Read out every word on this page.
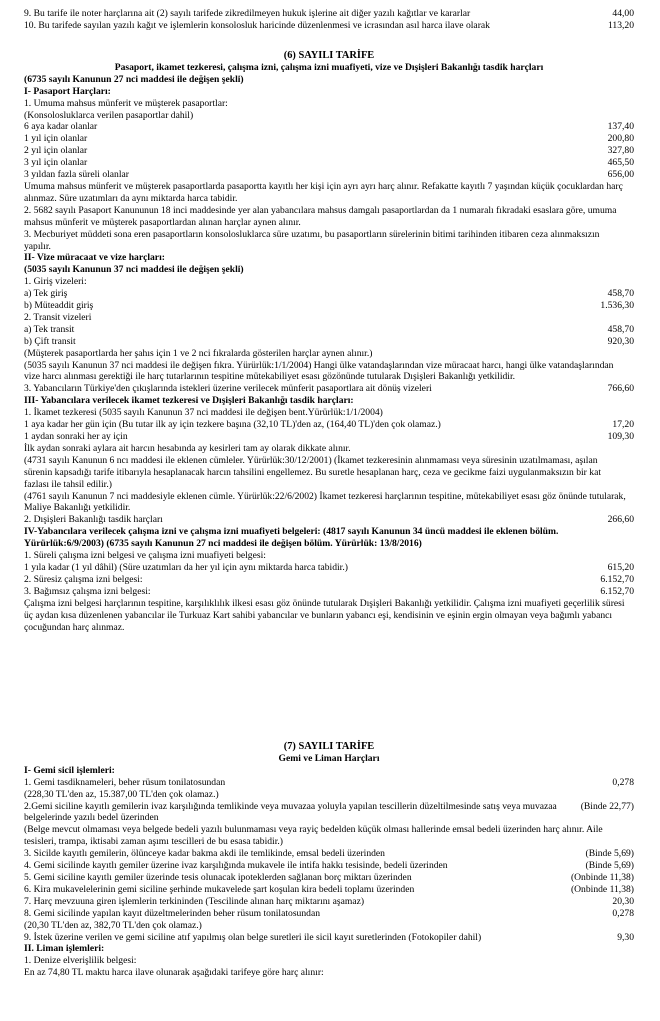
9. Bu tarife ile noter harçlarına ait (2) sayılı tarifede zikredilmeyen hukuk işlerine ait diğer yazılı kağıtlar ve kararlar	44,00
10. Bu tarifede sayılan yazılı kağıt ve işlemlerin konsolosluk haricinde düzenlenmesi ve icrasından asıl harca ilave olarak	113,20

(6) SAYILI TARİFE

Pasaport, ikamet tezkeresi, çalışma izni, çalışma izni muafiyeti, vize ve Dışişleri Bakanlığı tasdik harçları

(6735 sayılı Kanunun 27 nci maddesi ile değişen şekli)

I- Pasaport Harçları:
1. Umuma mahsus münferit ve müşterek pasaportlar:
(Konsolosluklarca verilen pasaportlar dahil)
6 aya kadar olanlar	137,40
1 yıl için olanlar	200,80
2 yıl için olanlar	327,80
3 yıl için olanlar	465,50
3 yıldan fazla süreli olanlar	656,00
Umuma mahsus münferit ve müşterek pasaportlarda pasaportta kayıtlı her kişi için ayrı ayrı harç alınır. Refakatte kayıtlı 7 yaşından küçük çocuklardan harç alınmaz. Süre uzatımları da aynı miktarda harca tabidir.
2. 5682 sayılı Pasaport Kanununun 18 inci maddesinde yer alan yabancılara mahsus damgalı pasaportlardan da 1 numaralı fıkradaki esaslara göre, umuma mahsus münferit ve müşterek pasaportlardan alınan harçlar aynen alınır.
3. Mecburiyet müddeti sona eren pasaportların konsolosluklarca süre uzatımı, bu pasaportların sürelerinin bitimi tarihinden itibaren ceza alınmaksızın yapılır.
II- Vize müracaat ve vize harçları:
(5035 sayılı Kanunun 37 nci maddesi ile değişen şekli)
1. Giriş vizeleri:
a) Tek giriş	458,70
b) Müteaddit giriş	1.536,30
2. Transit vizeleri
a) Tek transit	458,70
b) Çift transit	920,30
(Müşterek pasaportlarda her şahıs için 1 ve 2 nci fıkralarda gösterilen harçlar aynen alınır.)
(5035 sayılı Kanunun 37 nci maddesi ile değişen fıkra. Yürürlük:1/1/2004) Hangi ülke vatandaşlarından vize müracaat harcı, hangi ülke vatandaşlarından vize harcı alınması gerektiği ile harç tutarlarının tespitine mütekabiliyet esası gözönünde tutularak Dışişleri Bakanlığı yetkilidir.
3. Yabancıların Türkiye'den çıkışlarında istekleri üzerine verilecek münferit pasaportlara ait dönüş vizeleri	766,60
III- Yabancılara verilecek ikamet tezkeresi ve Dışişleri Bakanlığı tasdik harçları:
1. İkamet tezkeresi (5035 sayılı Kanunun 37 nci maddesi ile değişen bent.Yürürlük:1/1/2004)
1 aya kadar her gün için (Bu tutar ilk ay için tezkere başına (32,10 TL)'den az, (164,40 TL)'den çok olamaz.)	17,20
1 aydan sonraki her ay için	109,30
İlk aydan sonraki aylara ait harcın hesabında ay kesirleri tam ay olarak dikkate alınır.
(4731 sayılı Kanunun 6 ncı maddesi ile eklenen cümleler. Yürürlük:30/12/2001) (İkamet tezkeresinin alınmaması veya süresinin uzatılmaması, aşılan sürenin kapsadığı tarife itibarıyla hesaplanacak harcın tahsilini engellemez. Bu suretle hesaplanan harç, ceza ve gecikme faizi uygulanmaksızın bir kat fazlası ile tahsil edilir.)
(4761 sayılı Kanunun 7 nci maddesiyle eklenen cümle. Yürürlük:22/6/2002) İkamet tezkeresi harçlarının tespitine, mütekabiliyet esası göz önünde tutularak, Maliye Bakanlığı yetkilidir.
2. Dışişleri Bakanlığı tasdik harçları	266,60
IV-Yabancılara verilecek çalışma izni ve çalışma izni muafiyeti belgeleri: (4817 sayılı Kanunun 34 üncü maddesi ile eklenen bölüm. Yürürlük:6/9/2003) (6735 sayılı Kanunun 27 nci maddesi ile değişen bölüm. Yürürlük: 13/8/2016)
1. Süreli çalışma izni belgesi ve çalışma izni muafiyeti belgesi:
1 yıla kadar (1 yıl dâhil) (Süre uzatımları da her yıl için aynı miktarda harca tabidir.)	615,20
2. Süresiz çalışma izni belgesi:	6.152,70
3. Bağımsız çalışma izni belgesi:	6.152,70
Çalışma izni belgesi harçlarının tespitine, karşılıklılık ilkesi esası göz önünde tutularak Dışişleri Bakanlığı yetkilidir. Çalışma izni muafiyeti geçerlilik süresi üç aydan kısa düzenlenen yabancılar ile Turkuaz Kart sahibi yabancılar ve bunların yabancı eşi, kendisinin ve eşinin ergin olmayan veya bağımlı yabancı çocuğundan harç alınmaz.

(7) SAYILI TARİFE

Gemi ve Liman Harçları

I- Gemi sicil işlemleri:
1. Gemi tasdiknameleri, beher rüsum tonilatosundan	0,278
(228,30 TL'den az, 15.387,00 TL'den çok olamaz.)
2.Gemi siciline kayıtlı gemilerin ivaz karşılığında temlikinde veya muvazaa yoluyla yapılan tescillerin düzeltilmesinde satış veya muvazaa belgelerinde yazılı bedel üzerinden
(Binde 22,77)
(Belge mevcut olmaması veya belgede bedeli yazılı bulunmaması veya rayiç bedelden küçük olması hallerinde emsal bedeli üzerinden harç alınır. Aile tesisleri, trampa, iktisabi zaman aşımı tescilleri de bu esasa tabidir.)
3. Sicilde kayıtlı gemilerin, ölünceye kadar bakma akdi ile temlikinde, emsal bedeli üzerinden	(Binde 5,69)
4. Gemi sicilinde kayıtlı gemiler üzerine ivaz karşılığında mukavele ile intifa hakkı tesisinde, bedeli üzerinden	(Binde 5,69)
5. Gemi siciline kayıtlı gemiler üzerinde tesis olunacak ipoteklerden sağlanan borç miktarı üzerinden	(Onbinde 11,38)
6. Kira mukavelelerinin gemi siciline şerhinde mukavelede şart koşulan kira bedeli toplamı üzerinden	(Onbinde 11,38)
7. Harç mevzuuna giren işlemlerin terkininden (Tescilinde alınan harç miktarını aşamaz)	20,30
8. Gemi sicilinde yapılan kayıt düzeltmelerinden beher rüsum tonilatosundan	0,278
(20,30 TL'den az, 382,70 TL'den çok olamaz.)
9. İstek üzerine verilen ve gemi siciline atıf yapılmış olan belge suretleri ile sicil kayıt suretlerinden (Fotokopiler dahil)	9,30
II. Liman işlemleri:
1. Denize elverişlilik belgesi:
En az 74,80 TL maktu harca ilave olunarak aşağıdaki tarifeye göre harç alınır:
